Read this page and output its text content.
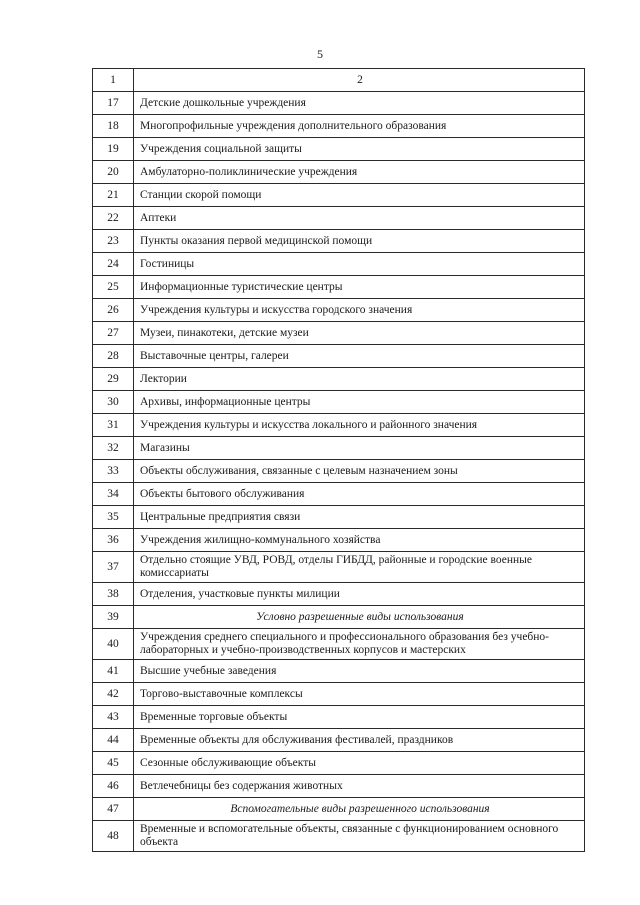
5
1	2
17	Детские дошкольные учреждения
18	Многопрофильные учреждения дополнительного образования
19	Учреждения социальной защиты
20	Амбулаторно-поликлинические учреждения
21	Станции скорой помощи
22	Аптеки
23	Пункты оказания первой медицинской помощи
24	Гостиницы
25	Информационные туристические центры
26	Учреждения культуры и искусства городского значения
27	Музеи, пинакотеки, детские музеи
28	Выставочные центры, галереи
29	Лектории
30	Архивы, информационные центры
31	Учреждения культуры и искусства локального и районного значения
32	Магазины
33	Объекты обслуживания, связанные с целевым назначением зоны
34	Объекты бытового обслуживания
35	Центральные предприятия связи
36	Учреждения жилищно-коммунального хозяйства
37	Отдельно стоящие УВД, РОВД, отделы ГИБДД, районные и городские военные комиссариаты
38	Отделения, участковые пункты милиции
39	Условно разрешенные виды использования
40	Учреждения среднего специального и профессионального образования без учебно-лабораторных и учебно-производственных корпусов и мастерских
41	Высшие учебные заведения
42	Торгово-выставочные комплексы
43	Временные торговые объекты
44	Временные объекты для обслуживания фестивалей, праздников
45	Сезонные обслуживающие объекты
46	Ветлечебницы без содержания животных
47	Вспомогательные виды разрешенного использования
48	Временные и вспомогательные объекты, связанные с функционированием основного объекта
